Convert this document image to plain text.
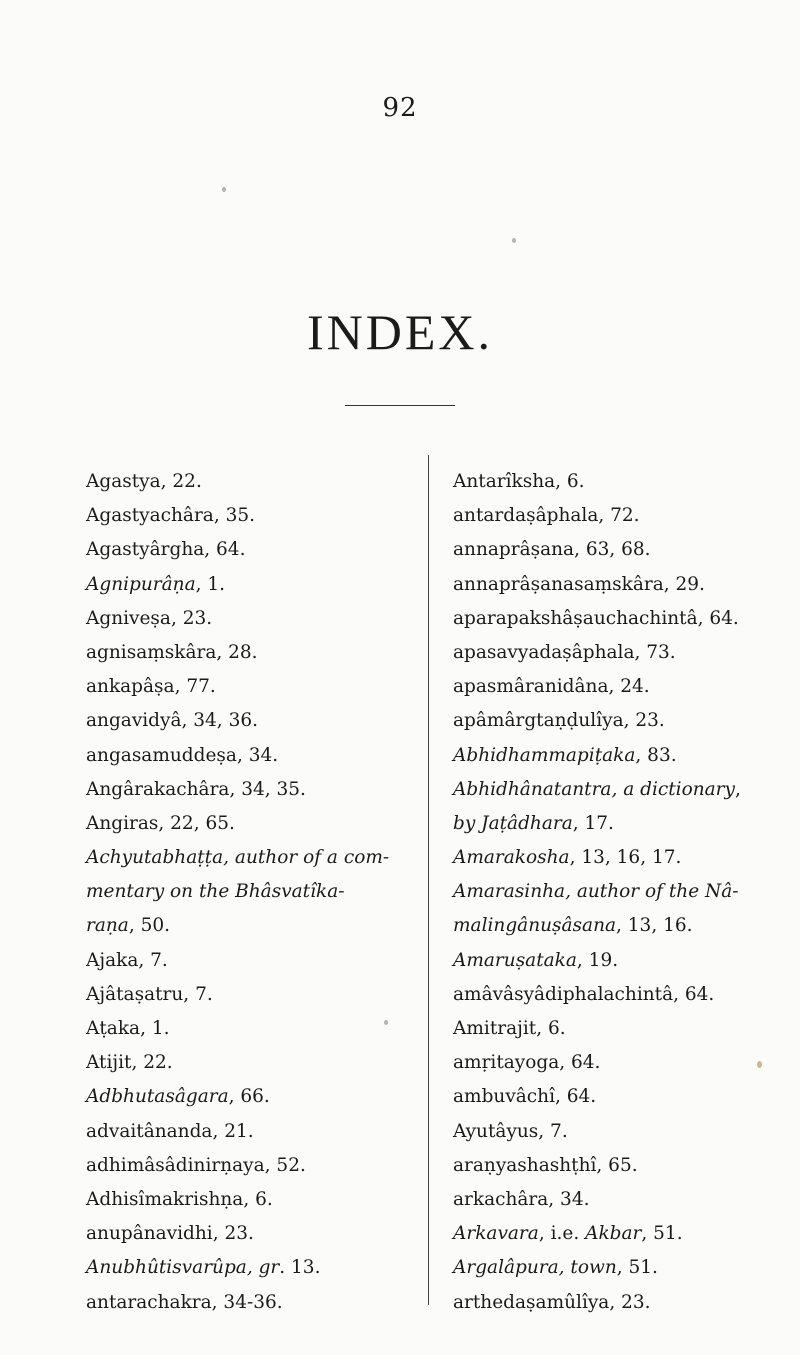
92
INDEX.
Agastya, 22.
Agastyachâra, 35.
Agastyârgha, 64.
Agnipurâṇa, 1.
Agniveṣa, 23.
agnisaṃskâra, 28.
ankapâṣa, 77.
angavidyâ, 34, 36.
angasamuddeṣa, 34.
Angârakachâra, 34, 35.
Angiras, 22, 65.
Achyutabhaṭṭa, author of a com-
mentary on the Bhâsvatîka-
raṇa, 50.
Ajaka, 7.
Ajâtaṣatru, 7.
Aṭaka, 1.
Atijit, 22.
Adbhutasâgara, 66.
advaitânanda, 21.
adhimâsâdinirṇaya, 52.
Adhisîmakrishṇa, 6.
anupânavidhi, 23.
Anubhûtisvarûpa, gr. 13.
antarachakra, 34-36.
Antarîksha, 6.
antardaṣâphala, 72.
annaprâṣana, 63, 68.
annaprâṣanasaṃskâra, 29.
aparapakshâṣauchachintâ, 64.
apasavyadaṣâphala, 73.
apasmâranidâna, 24.
apâmârgtaṇḍulîya, 23.
Abhidhammapiṭaka, 83.
Abhidhânatantra, a dictionary,
by Jaṭâdhara, 17.
Amarakosha, 13, 16, 17.
Amarasinha, author of the Nâ-
malingânuṣâsana, 13, 16.
Amaruṣataka, 19.
amâvâsyâdiphalachintâ, 64.
Amitrajit, 6.
amṛitayoga, 64.
ambuvâchî, 64.
Ayutâyus, 7.
araṇyashashṭhî, 65.
arkachâra, 34.
Arkavara, i.e. Akbar, 51.
Argalâpura, town, 51.
arthedaṣamûlîya, 23.
